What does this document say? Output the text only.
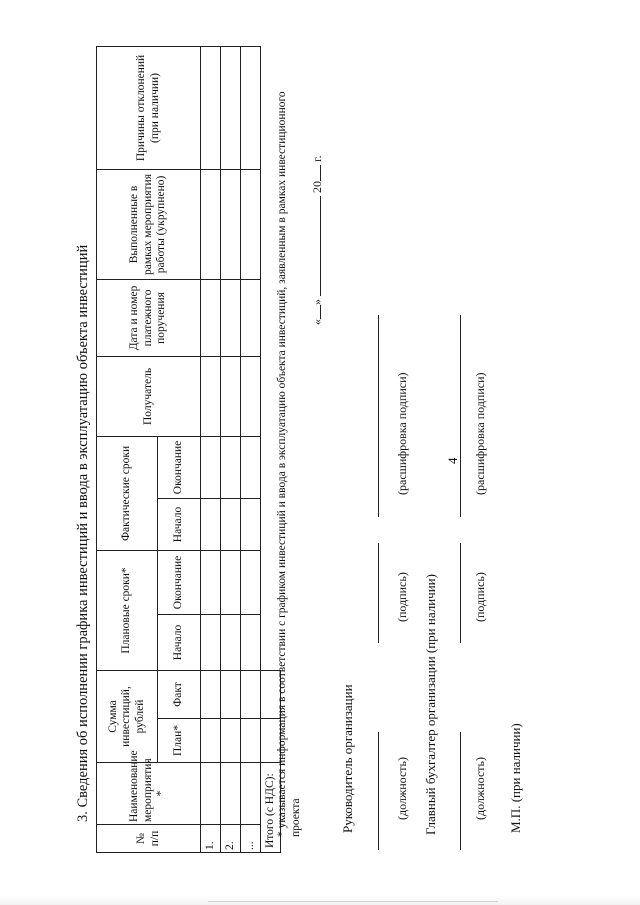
4
3. Сведения об исполнении графика инвестиций и ввода в эксплуатацию объекта инвестиций
№ п/п	Наименование мероприятия *	Сумма инвестиций, рублей		Плановые сроки*		Фактические сроки		Получатель	Дата и номер платежного поручения	Выполненные в рамках мероприятия работы (укрупнено)	Причины отклонений (при наличии)
		План*	Факт	Начало	Окончание	Начало	Окончание				
1.											
2.											
...											
Итого (с НДС):											* указывается информация в соответствии с графиком инвестиций и ввода в эксплуатацию объекта инвестиций, заявленным в рамках инвестиционного проекта
«»  20 г.
Руководитель организации	(должность)
(подпись)
(расшифровка подписи)
Главный бухгалтер организации (при наличии)	(должность)
(подпись)
(расшифровка подписи)
М.П. (при наличии)
